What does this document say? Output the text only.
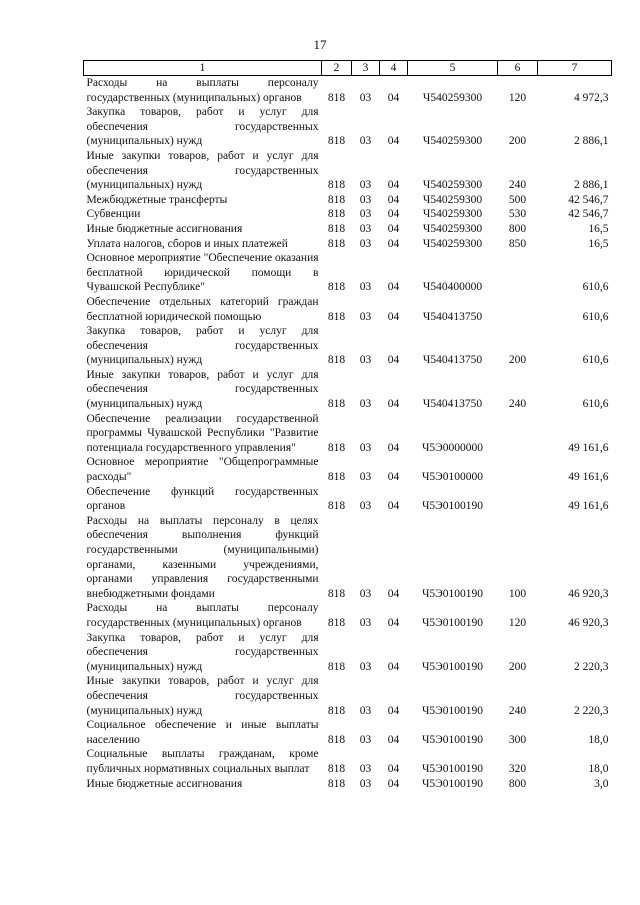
17
1	2	3	4	5	6	7
Расходы на выплаты персоналу государственных (муниципальных) органов	818	03	04	Ч540259300	120	4 972,3
Закупка товаров, работ и услуг для обеспечения государственных (муниципальных) нужд	818	03	04	Ч540259300	200	2 886,1
Иные закупки товаров, работ и услуг для обеспечения государственных (муниципальных) нужд	818	03	04	Ч540259300	240	2 886,1
Межбюджетные трансферты	818	03	04	Ч540259300	500	42 546,7
Субвенции	818	03	04	Ч540259300	530	42 546,7
Иные бюджетные ассигнования	818	03	04	Ч540259300	800	16,5
Уплата налогов, сборов и иных платежей	818	03	04	Ч540259300	850	16,5
Основное мероприятие "Обеспечение оказания бесплатной юридической помощи в Чувашской Республике"	818	03	04	Ч540400000		610,6
Обеспечение отдельных категорий граждан бесплатной юридической помощью	818	03	04	Ч540413750		610,6
Закупка товаров, работ и услуг для обеспечения государственных (муниципальных) нужд	818	03	04	Ч540413750	200	610,6
Иные закупки товаров, работ и услуг для обеспечения государственных (муниципальных) нужд	818	03	04	Ч540413750	240	610,6
Обеспечение реализации государственной программы Чувашской Республики "Развитие потенциала государственного управления"	818	03	04	Ч5Э0000000		49 161,6
Основное мероприятие "Общепрограммные расходы"	818	03	04	Ч5Э0100000		49 161,6
Обеспечение функций государственных органов	818	03	04	Ч5Э0100190		49 161,6
Расходы на выплаты персоналу в целях обеспечения выполнения функций государственными (муниципальными) органами, казенными учреждениями, органами управления государственными внебюджетными фондами	818	03	04	Ч5Э0100190	100	46 920,3
Расходы на выплаты персоналу государственных (муниципальных) органов	818	03	04	Ч5Э0100190	120	46 920,3
Закупка товаров, работ и услуг для обеспечения государственных (муниципальных) нужд	818	03	04	Ч5Э0100190	200	2 220,3
Иные закупки товаров, работ и услуг для обеспечения государственных (муниципальных) нужд	818	03	04	Ч5Э0100190	240	2 220,3
Социальное обеспечение и иные выплаты населению	818	03	04	Ч5Э0100190	300	18,0
Социальные выплаты гражданам, кроме публичных нормативных социальных выплат	818	03	04	Ч5Э0100190	320	18,0
Иные бюджетные ассигнования	818	03	04	Ч5Э0100190	800	3,0
